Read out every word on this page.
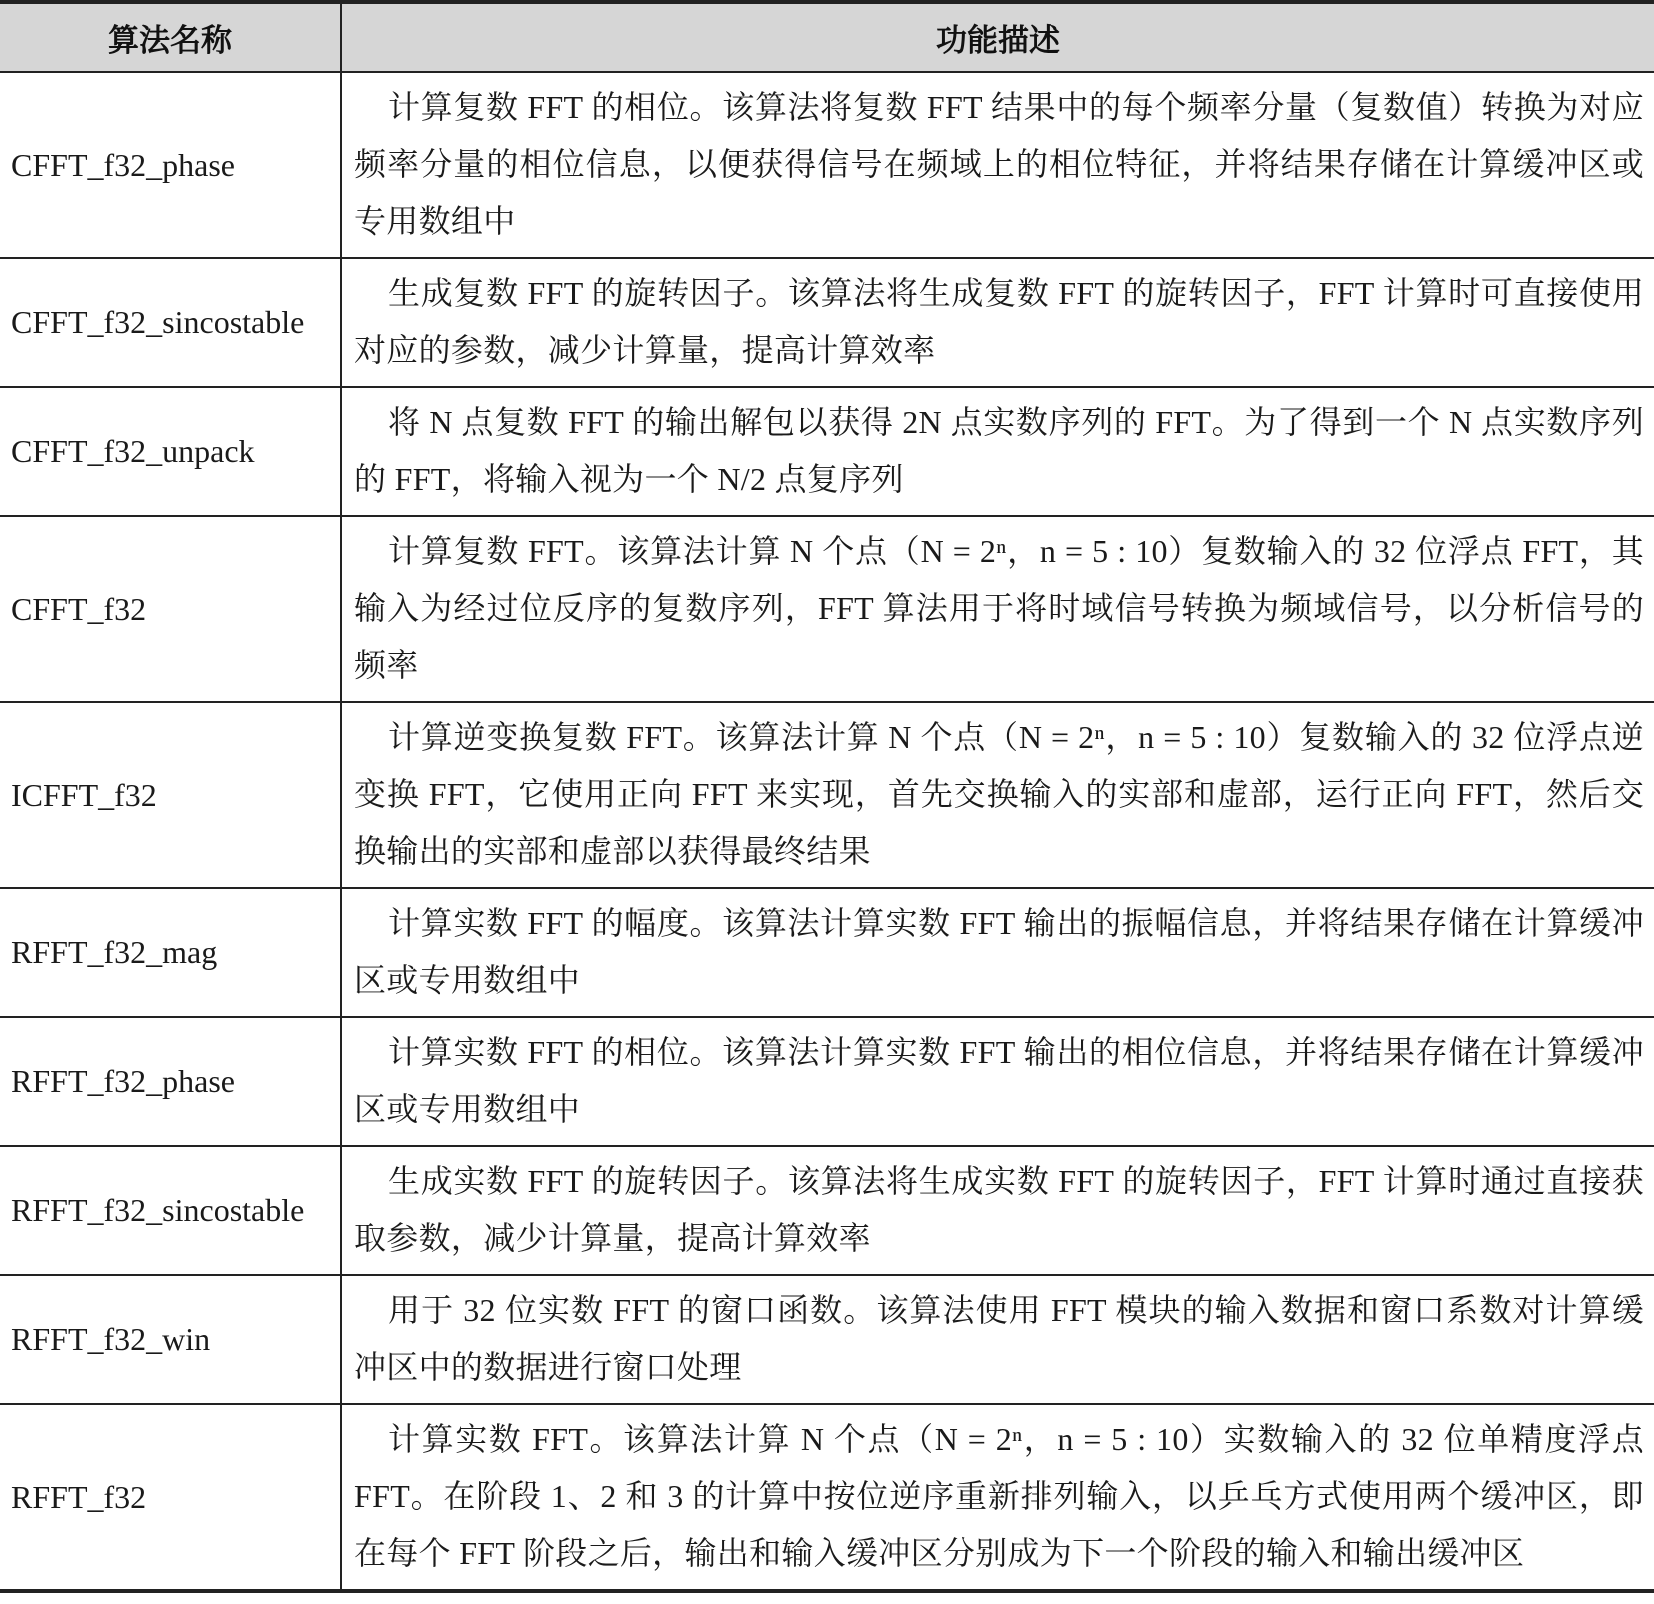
算法名称	功能描述
CFFT_f32_phase	计算复数 FFT 的相位。该算法将复数 FFT 结果中的每个频率分量（复数值）转换为对应频率分量的相位信息，以便获得信号在频域上的相位特征，并将结果存储在计算缓冲区或专用数组中
CFFT_f32_sincostable	生成复数 FFT 的旋转因子。该算法将生成复数 FFT 的旋转因子，FFT 计算时可直接使用对应的参数，减少计算量，提高计算效率
CFFT_f32_unpack	将 N 点复数 FFT 的输出解包以获得 2N 点实数序列的 FFT。为了得到一个 N 点实数序列的 FFT，将输入视为一个 N/2 点复序列
CFFT_f32	计算复数 FFT。该算法计算 N 个点（N = 2ⁿ，n = 5 : 10）复数输入的 32 位浮点 FFT，其输入为经过位反序的复数序列，FFT 算法用于将时域信号转换为频域信号，以分析信号的频率
ICFFT_f32	计算逆变换复数 FFT。该算法计算 N 个点（N = 2ⁿ，n = 5 : 10）复数输入的 32 位浮点逆变换 FFT，它使用正向 FFT 来实现，首先交换输入的实部和虚部，运行正向 FFT，然后交换输出的实部和虚部以获得最终结果
RFFT_f32_mag	计算实数 FFT 的幅度。该算法计算实数 FFT 输出的振幅信息，并将结果存储在计算缓冲区或专用数组中
RFFT_f32_phase	计算实数 FFT 的相位。该算法计算实数 FFT 输出的相位信息，并将结果存储在计算缓冲区或专用数组中
RFFT_f32_sincostable	生成实数 FFT 的旋转因子。该算法将生成实数 FFT 的旋转因子，FFT 计算时通过直接获取参数，减少计算量，提高计算效率
RFFT_f32_win	用于 32 位实数 FFT 的窗口函数。该算法使用 FFT 模块的输入数据和窗口系数对计算缓冲区中的数据进行窗口处理
RFFT_f32	计算实数 FFT。该算法计算 N 个点（N = 2ⁿ，n = 5 : 10）实数输入的 32 位单精度浮点 FFT。在阶段 1、2 和 3 的计算中按位逆序重新排列输入，以乒乓方式使用两个缓冲区，即在每个 FFT 阶段之后，输出和输入缓冲区分别成为下一个阶段的输入和输出缓冲区
